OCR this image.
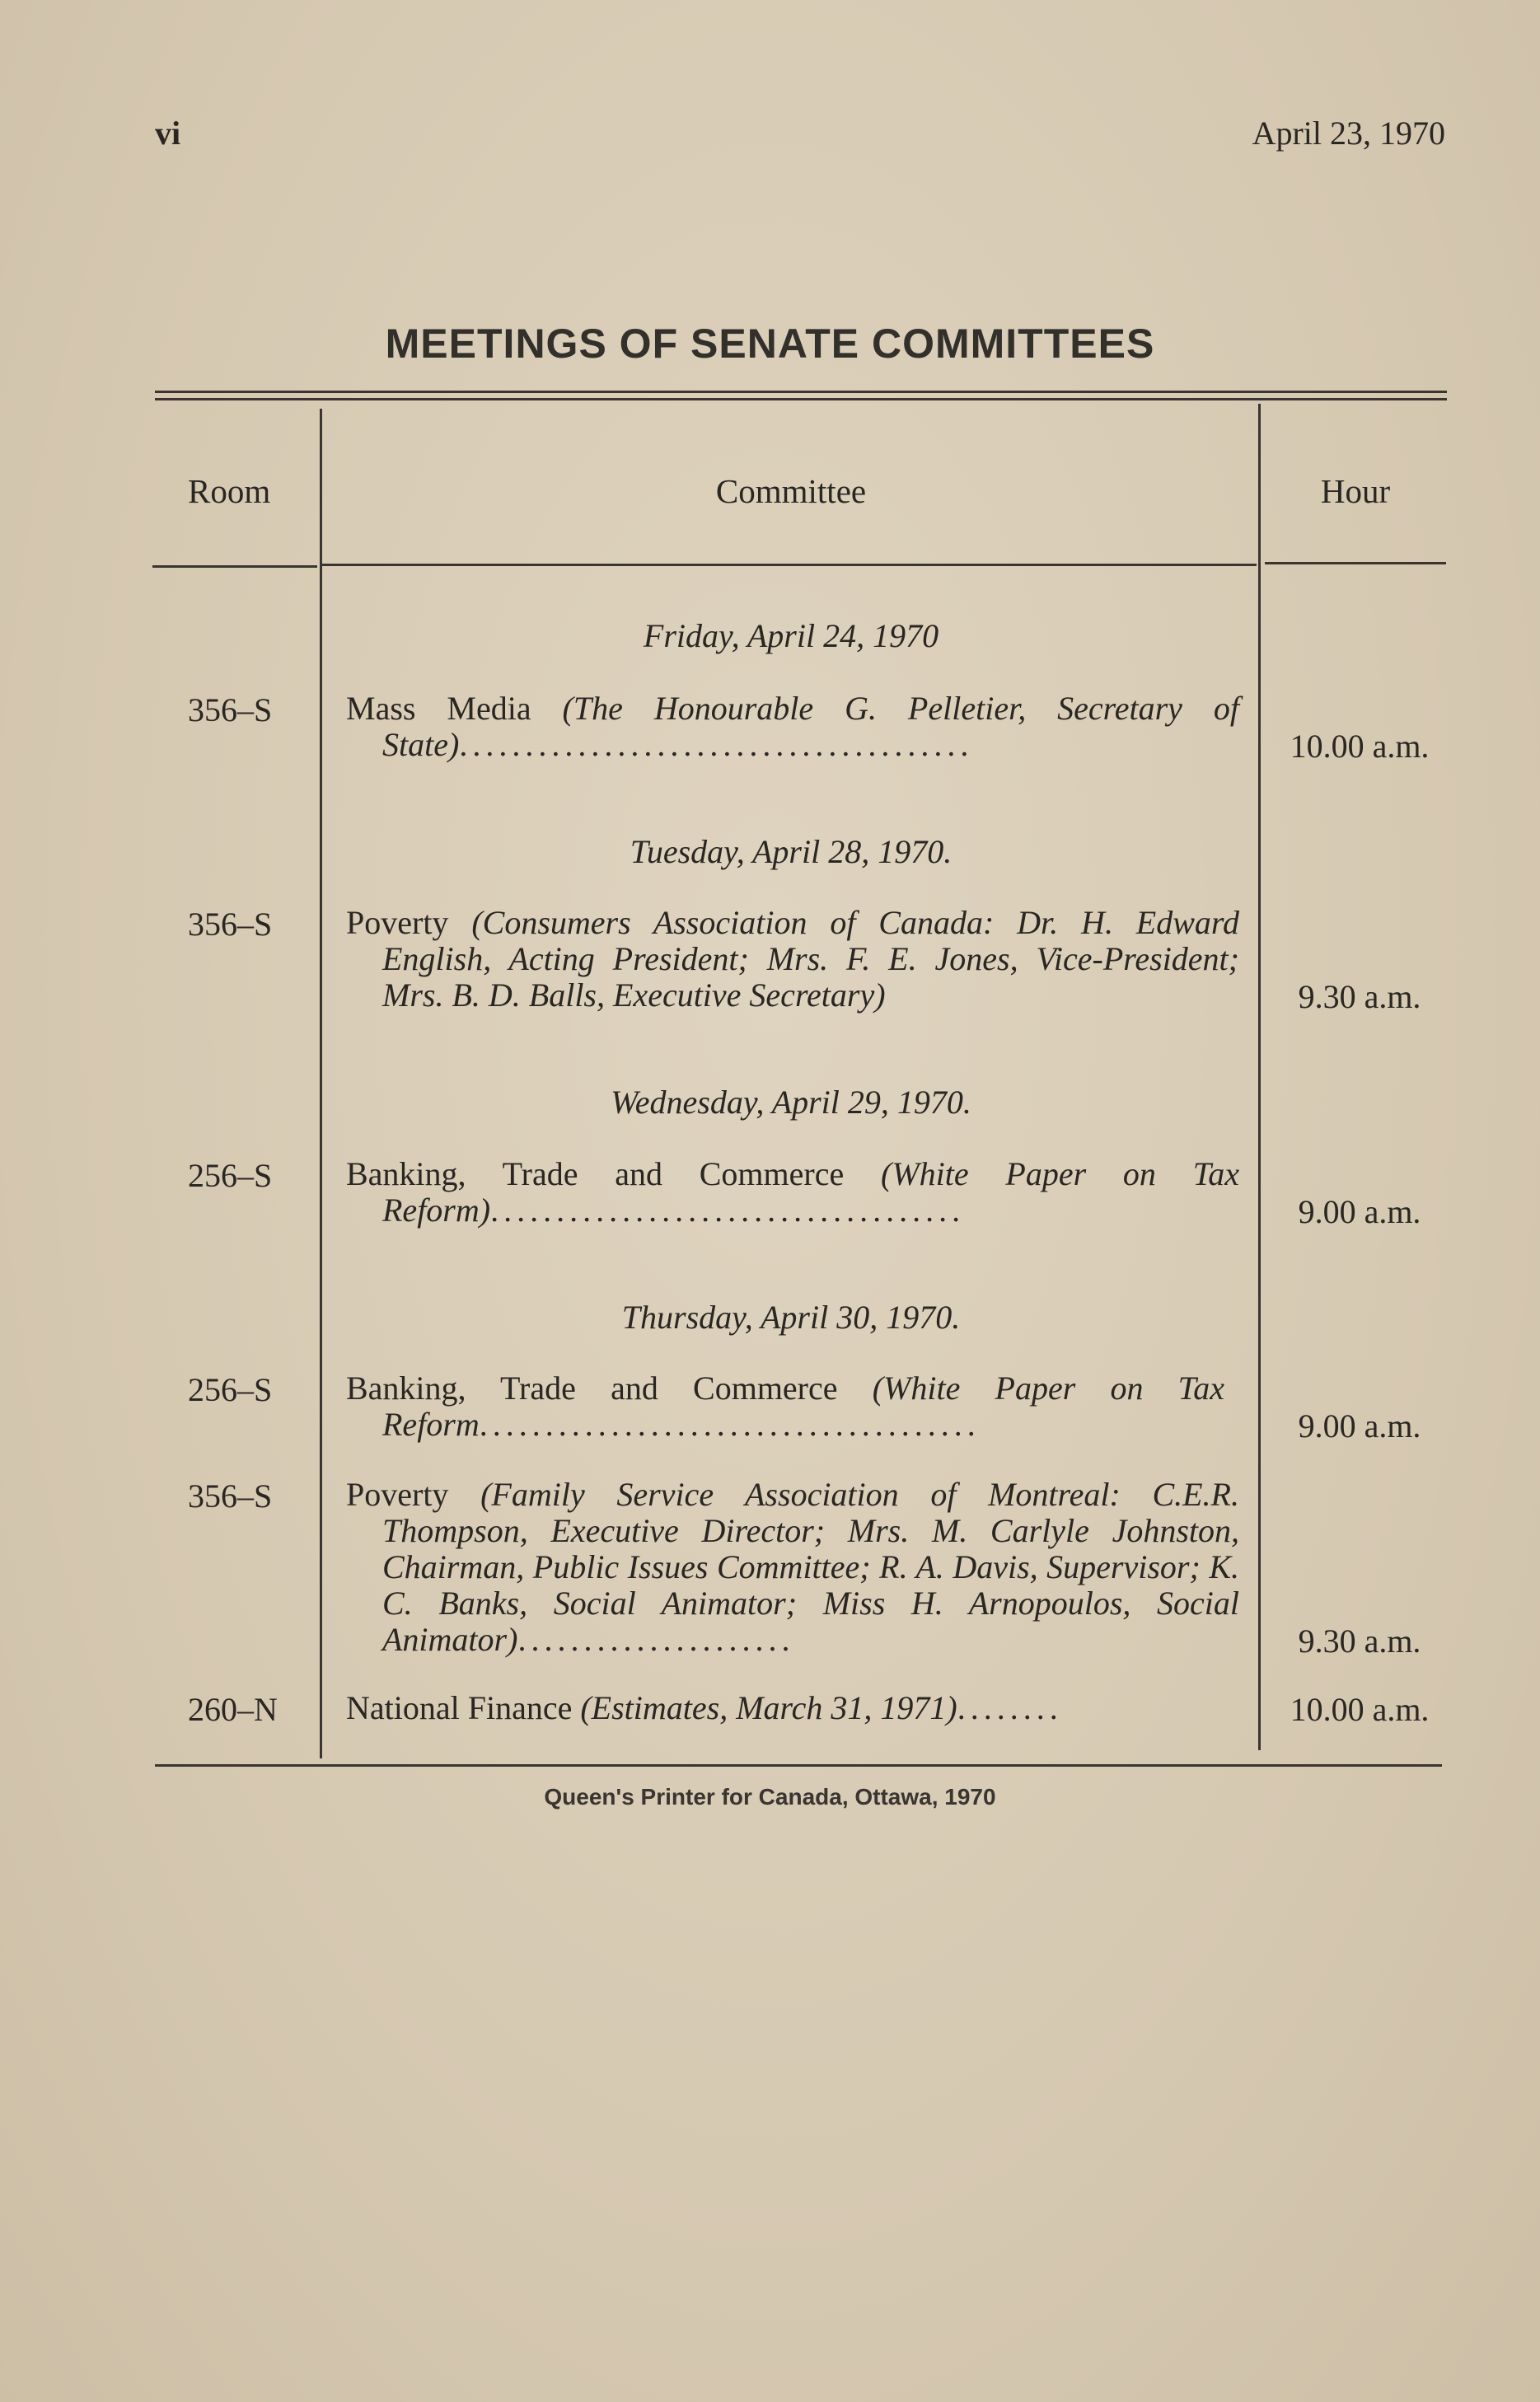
vi	April 23, 1970
MEETINGS OF SENATE COMMITTEES
Room	Committee	Hour
Friday, April 24, 1970
356–S	Mass Media (The Honourable G. Pelletier, Secretary of State).......................................	10.00 a.m.
Tuesday, April 28, 1970.
356–S	Poverty (Consumers Association of Canada: Dr. H. Edward English, Acting President; Mrs. F. E. Jones, Vice-President; Mrs. B. D. Balls, Executive Secretary)	9.30 a.m.
Wednesday, April 29, 1970.
256–S	Banking, Trade and Commerce (White Paper on Tax Reform)....................................	9.00 a.m.
Thursday, April 30, 1970.
256–S	Banking, Trade and Commerce (White Paper on Tax Reform......................................	9.00 a.m.
356–S	Poverty (Family Service Association of Montreal: C.E.R. Thompson, Executive Director; Mrs. M. Carlyle Johnston, Chairman, Public Issues Committee; R. A. Davis, Supervisor; K. C. Banks, Social Animator; Miss H. Arnopoulos, Social Animator).....................	9.30 a.m.
260–N	National Finance (Estimates, March 31, 1971)........	10.00 a.m.
Queen's Printer for Canada, Ottawa, 1970
